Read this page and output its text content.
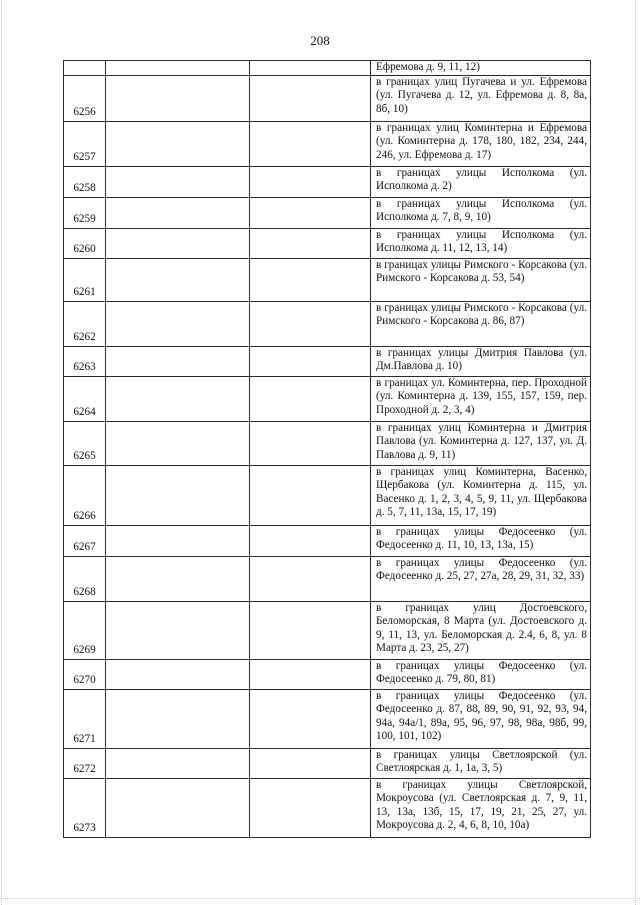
208
			Ефремова д. 9, 11, 12)
6256			в границах улиц Пугачева и ул. Ефремова (ул. Пугачева д. 12, ул. Ефремова д. 8, 8а, 8б, 10)
6257			в границах улиц Коминтерна и Ефремова (ул. Коминтерна д. 178, 180, 182, 234, 244, 246, ул. Ефремова д. 17)
6258			в границах улицы Исполкома (ул. Исполкома д. 2)
6259			в границах улицы Исполкома (ул. Исполкома д. 7, 8, 9, 10)
6260			в границах улицы Исполкома (ул. Исполкома д. 11, 12, 13, 14)
6261			в границах улицы Римского - Корсакова (ул. Римского - Корсакова д. 53, 54)
6262			в границах улицы Римского - Корсакова (ул. Римского - Корсакова д. 86, 87)
6263			в границах улицы Дмитрия Павлова (ул. Дм.Павлова д. 10)
6264			в границах ул. Коминтерна, пер. Проходной (ул. Коминтерна д. 139, 155, 157, 159, пер. Проходной д. 2, 3, 4)
6265			в границах улиц Коминтерна и Дмитрия Павлова (ул. Коминтерна д. 127, 137, ул. Д. Павлова д. 9, 11)
6266			в границах улиц Коминтерна, Васенко, Щербакова (ул. Коминтерна д. 115, ул. Васенко д. 1, 2, 3, 4, 5, 9, 11, ул. Щербакова д. 5, 7, 11, 13а, 15, 17, 19)
6267			в границах улицы Федосеенко (ул. Федосеенко д. 11, 10, 13, 13а, 15)
6268			в границах улицы Федосеенко (ул. Федосеенко д. 25, 27, 27а, 28, 29, 31, 32, 33)
6269			в границах улиц Достоевского, Беломорская, 8 Марта (ул. Достоевского д. 9, 11, 13, ул. Беломорская д. 2.4, 6, 8, ул. 8 Марта д. 23, 25, 27)
6270			в границах улицы Федосеенко (ул. Федосеенко д. 79, 80, 81)
6271			в границах улицы Федосеенко (ул. Федосеенко д. 87, 88, 89, 90, 91, 92, 93, 94, 94а, 94а/1, 89а, 95, 96, 97, 98, 98а, 98б, 99, 100, 101, 102)
6272			в границах улицы Светлоярской (ул. Светлоярская д. 1, 1а, 3, 5)
6273			в границах улицы Светлоярской, Мокроусова (ул. Светлоярская д. 7, 9, 11, 13, 13а, 13б, 15, 17, 19, 21, 25, 27, ул. Мокроусова д. 2, 4, 6, 8, 10, 10а)
